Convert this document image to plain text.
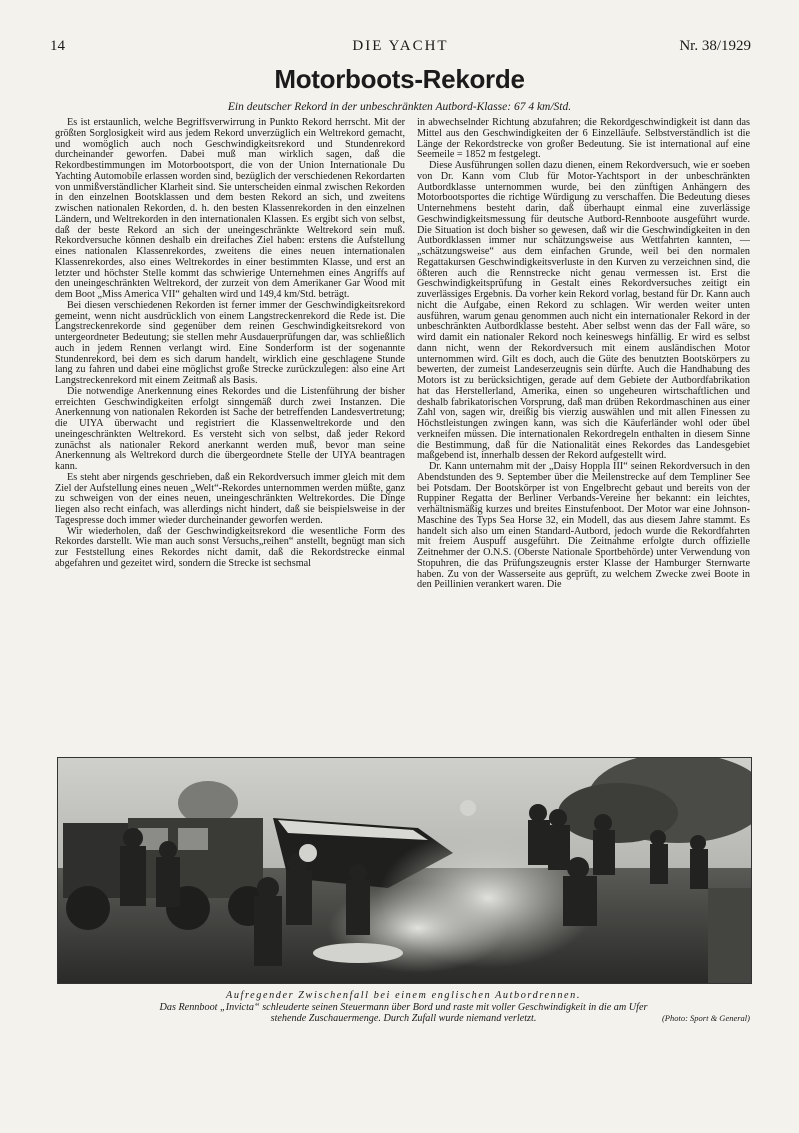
14	DIE YACHT	Nr. 38/1929
Motorboots-Rekorde
Ein deutscher Rekord in der unbeschränkten Autbord-Klasse: 67 4 km/Std.

Es ist erstaunlich, welche Begriffsverwirrung in Punkto Rekord herrscht. Mit der größten Sorglosigkeit wird aus jedem Rekord unverzüglich ein Weltrekord gemacht, und womöglich auch noch Geschwindigkeitsrekord und Stundenrekord durcheinander geworfen. Dabei muß man wirklich sagen, daß die Rekordbestimmungen im Motorbootsport, die von der Union Internationale Du Yachting Automobile erlassen worden sind, bezüglich der verschiedenen Rekordarten von unmißverständlicher Klarheit sind. Sie unterscheiden einmal zwischen Rekorden in den einzelnen Bootsklassen und dem besten Rekord an sich, und zweitens zwischen nationalen Rekorden, d. h. den besten Klassenrekorden in den einzelnen Ländern, und Weltrekorden in den internationalen Klassen. Es ergibt sich von selbst, daß der beste Rekord an sich der uneingeschränkte Weltrekord sein muß. Rekordversuche können deshalb ein dreifaches Ziel haben: erstens die Aufstellung eines nationalen Klassenrekordes, zweitens die eines neuen internationalen Klassenrekordes, also eines Weltrekordes in einer bestimmten Klasse, und erst an letzter und höchster Stelle kommt das schwierige Unternehmen eines Angriffs auf den uneingeschränkten Weltrekord, der zurzeit von dem Amerikaner Gar Wood mit dem Boot „Miss America VII“ gehalten wird und 149,4 km/Std. beträgt.

Bei diesen verschiedenen Rekorden ist ferner immer der Geschwindigkeitsrekord gemeint, wenn nicht ausdrücklich von einem Langstreckenrekord die Rede ist. Die Langstreckenrekorde sind gegenüber dem reinen Geschwindigkeitsrekord von untergeordneter Bedeutung; sie stellen mehr Ausdauerprüfungen dar, was schließlich auch in jedem Rennen verlangt wird. Eine Sonderform ist der sogenannte Stundenrekord, bei dem es sich darum handelt, wirklich eine geschlagene Stunde lang zu fahren und dabei eine möglichst große Strecke zurückzulegen: also eine Art Langstreckenrekord mit einem Zeitmaß als Basis.

Die notwendige Anerkennung eines Rekordes und die Listenführung der bisher erreichten Geschwindigkeiten erfolgt sinngemäß durch zwei Instanzen. Die Anerkennung von nationalen Rekorden ist Sache der betreffenden Landesvertretung; die UIYA überwacht und registriert die Klassenweltrekorde und den uneingeschränkten Weltrekord. Es versteht sich von selbst, daß jeder Rekord zunächst als nationaler Rekord anerkannt werden muß, bevor man seine Anerkennung als Weltrekord durch die übergeordnete Stelle der UIYA beantragen kann.

Es steht aber nirgends geschrieben, daß ein Rekordversuch immer gleich mit dem Ziel der Aufstellung eines neuen „Welt“-Rekordes unternommen werden müßte, ganz zu schweigen von der eines neuen, uneingeschränkten Weltrekordes. Die Dinge liegen also recht einfach, was allerdings nicht hindert, daß sie beispielsweise in der Tagespresse doch immer wieder durcheinander geworfen werden.

Wir wiederholen, daß der Geschwindigkeitsrekord die wesentliche Form des Rekordes darstellt. Wie man auch sonst Versuchs„reihen“ anstellt, begnügt man sich zur Feststellung eines Rekordes nicht damit, daß die Rekordstrecke einmal abgefahren und gezeitet wird, sondern die Strecke ist sechsmal

in abwechselnder Richtung abzufahren; die Rekordgeschwindigkeit ist dann das Mittel aus den Geschwindigkeiten der 6 Einzelläufe. Selbstverständlich ist die Länge der Rekordstrecke von großer Bedeutung. Sie ist international auf eine Seemeile = 1852 m festgelegt.

Diese Ausführungen sollen dazu dienen, einem Rekordversuch, wie er soeben von Dr. Kann vom Club für Motor-Yachtsport in der unbeschränkten Autbordklasse unternommen wurde, bei den zünftigen Anhängern des Motorbootsportes die richtige Würdigung zu verschaffen. Die Bedeutung dieses Unternehmens besteht darin, daß überhaupt einmal eine zuverlässige Geschwindigkeitsmessung für deutsche Autbord-Rennboote ausgeführt wurde. Die Situation ist doch bisher so gewesen, daß wir die Geschwindigkeiten in den Autbordklassen immer nur schätzungsweise aus Wettfahrten kannten, — „schätzungsweise“ aus dem einfachen Grunde, weil bei den normalen Regattakursen Geschwindigkeitsverluste in den Kurven zu verzeichnen sind, die ößteren auch die Rennstrecke nicht genau vermessen ist. Erst die Geschwindigkeitsprüfung in Gestalt eines Rekordversuches zeitigt ein zuverlässiges Ergebnis. Da vorher kein Rekord vorlag, bestand für Dr. Kann auch nicht die Aufgabe, einen Rekord zu schlagen. Wir werden weiter unten ausführen, warum genau genommen auch nicht ein internationaler Rekord in der unbeschränkten Autbordklasse besteht. Aber selbst wenn das der Fall wäre, so wird damit ein nationaler Rekord noch keineswegs hinfällig. Er wird es selbst dann nicht, wenn der Rekordversuch mit einem ausländischen Motor unternommen wird. Gilt es doch, auch die Güte des benutzten Bootskörpers zu bewerten, der zumeist Landeserzeugnis sein dürfte. Auch die Handhabung des Motors ist zu berücksichtigen, gerade auf dem Gebiete der Autbordfabrikation hat das Herstellerland, Amerika, einen so ungeheuren wirtschaftlichen und deshalb fabrikatorischen Vorsprung, daß man drüben Rekordmaschinen aus einer Zahl von, sagen wir, dreißig bis vierzig auswählen und mit allen Finessen zu Höchstleistungen zwingen kann, was sich die Käuferländer wohl oder übel verkneifen müssen. Die internationalen Rekordregeln enthalten in diesem Sinne die Bestimmung, daß für die Nationalität eines Rekordes das Landesgebiet maßgebend ist, innerhalb dessen der Rekord aufgestellt wird.

Dr. Kann unternahm mit der „Daisy Hoppla III“ seinen Rekordversuch in den Abendstunden des 9. September über die Meilenstrecke auf dem Templiner See bei Potsdam. Der Bootskörper ist von Engelbrecht gebaut und bereits von der Ruppiner Regatta der Berliner Verbands-Vereine her bekannt: ein leichtes, verhältnismäßig kurzes und breites Einstufenboot. Der Motor war eine Johnson-Maschine des Typs Sea Horse 32, ein Modell, das aus diesem Jahre stammt. Es handelt sich also um einen Standard-Autbord, jedoch wurde die Rekordfahrten mit freiem Auspuff ausgeführt. Die Zeitnahme erfolgte durch offizielle Zeitnehmer der O.N.S. (Oberste Nationale Sportbehörde) unter Verwendung von Stopuhren, die das Prüfungszeugnis erster Klasse der Hamburger Sternwarte haben. Zu von der Wasserseite aus geprüft, zu welchem Zwecke zwei Boote in den Peillinien verankert waren. Die

Aufregender Zwischenfall bei einem englischen Autbordrennen.
Das Rennboot „Invicta“ schleuderte seinen Steuermann über Bord und raste mit voller Geschwindigkeit in die am Ufer
stehende Zuschauermenge. Durch Zufall wurde niemand verletzt.	(Photo: Sport & General)
